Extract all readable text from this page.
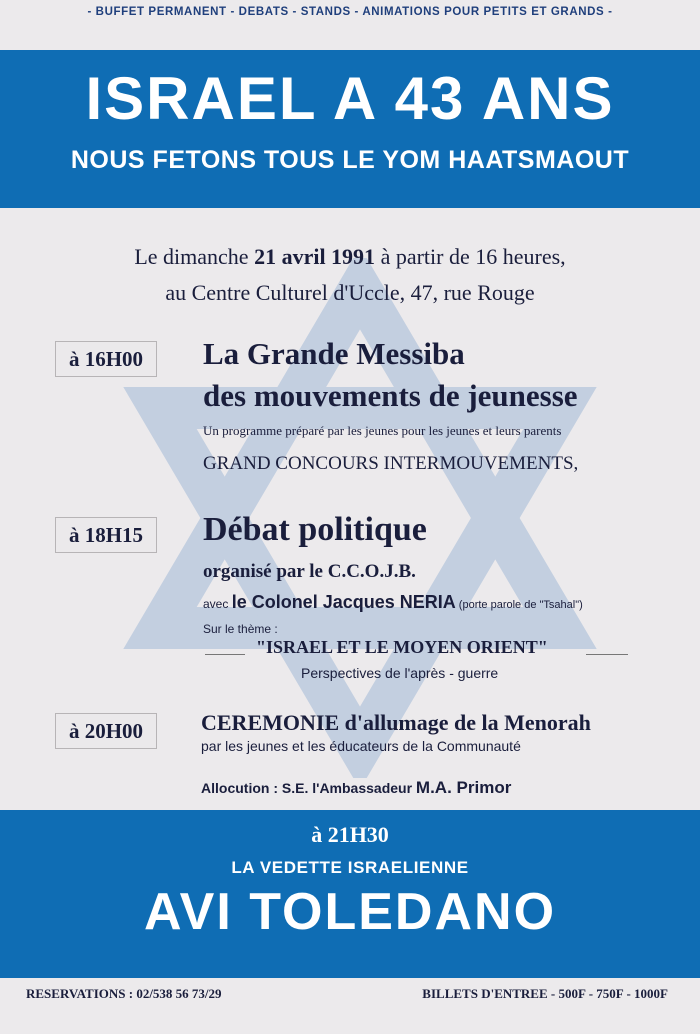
- BUFFET PERMANENT - DEBATS - STANDS - ANIMATIONS POUR PETITS ET GRANDS -
ISRAEL A 43 ANS
NOUS FETONS TOUS LE YOM HAATSMAOUT
Le dimanche 21 avril 1991 à partir de 16 heures,
au Centre Culturel d'Uccle, 47, rue Rouge
à 16H00	La Grande Messiba
des mouvements de jeunesse
Un programme préparé par les jeunes pour les jeunes et leurs parents
GRAND CONCOURS INTERMOUVEMENTS,
à 18H15	Débat politique
organisé par le C.C.O.J.B.
avec le Colonel Jacques NERIA (porte parole de "Tsahal")
Sur le thème :
"ISRAEL ET LE MOYEN ORIENT"
Perspectives de l'après - guerre
à 20H00	CEREMONIE d'allumage de la Menorah
par les jeunes et les éducateurs de la Communauté
Allocution : S.E. l'Ambassadeur M.A. Primor
à 21H30
LA VEDETTE ISRAELIENNE
AVI TOLEDANO
RESERVATIONS : 02/538 56 73/29	BILLETS D'ENTREE - 500F - 750F - 1000F
